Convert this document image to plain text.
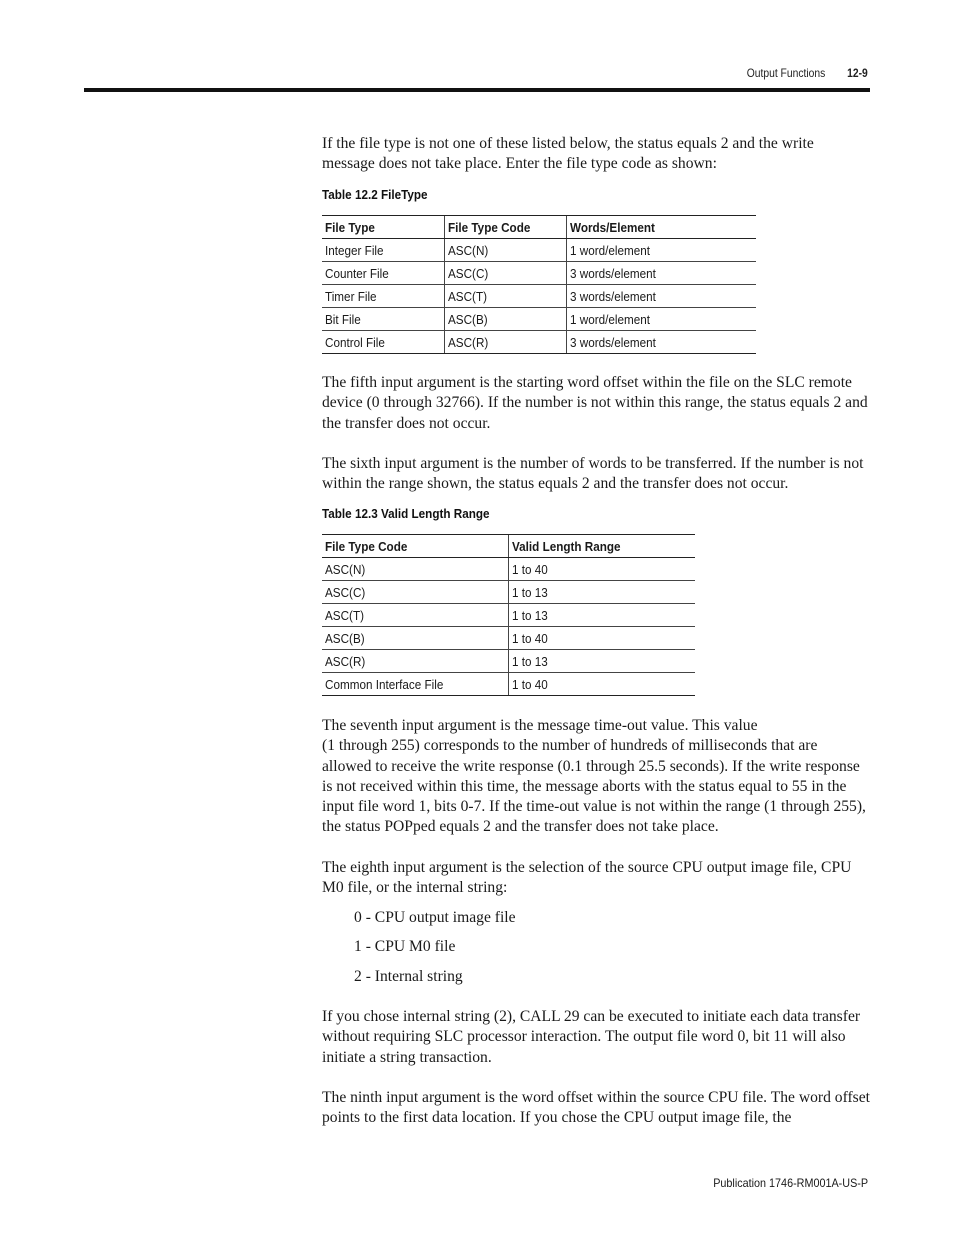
Output Functions 12-9

If the file type is not one of these listed below, the status equals 2 and the write message does not take place. Enter the file type code as shown:

Table 12.2 FileType
File Type	File Type Code	Words/Element
Integer File	ASC(N)	1 word/element
Counter File	ASC(C)	3 words/element
Timer File	ASC(T)	3 words/element
Bit File	ASC(B)	1 word/element
Control File	ASC(R)	3 words/element

The fifth input argument is the starting word offset within the file on the SLC remote device (0 through 32766). If the number is not within this range, the status equals 2 and the transfer does not occur.

The sixth input argument is the number of words to be transferred. If the number is not within the range shown, the status equals 2 and the transfer does not occur.

Table 12.3 Valid Length Range
File Type Code	Valid Length Range
ASC(N)	1 to 40
ASC(C)	1 to 13
ASC(T)	1 to 13
ASC(B)	1 to 40
ASC(R)	1 to 13
Common Interface File	1 to 40
The seventh input argument is the message time-out value. This value
(1 through 255) corresponds to the number of hundreds of milliseconds that are allowed to receive the write response (0.1 through 25.5 seconds). If the write response is not received within this time, the message aborts with the status equal to 55 in the input file word 1, bits 0-7. If the time-out value is not within the range (1 through 255), the status POPped equals 2 and the transfer does not take place.

The eighth input argument is the selection of the source CPU output image file, CPU M0 file, or the internal string:

0 - CPU output image file
1 - CPU M0 file
2 - Internal string

If you chose internal string (2), CALL 29 can be executed to initiate each data transfer without requiring SLC processor interaction. The output file word 0, bit 11 will also initiate a string transaction.

The ninth input argument is the word offset within the source CPU file. The word offset points to the first data location. If you chose the CPU output image file, the

Publication 1746-RM001A-US-P
